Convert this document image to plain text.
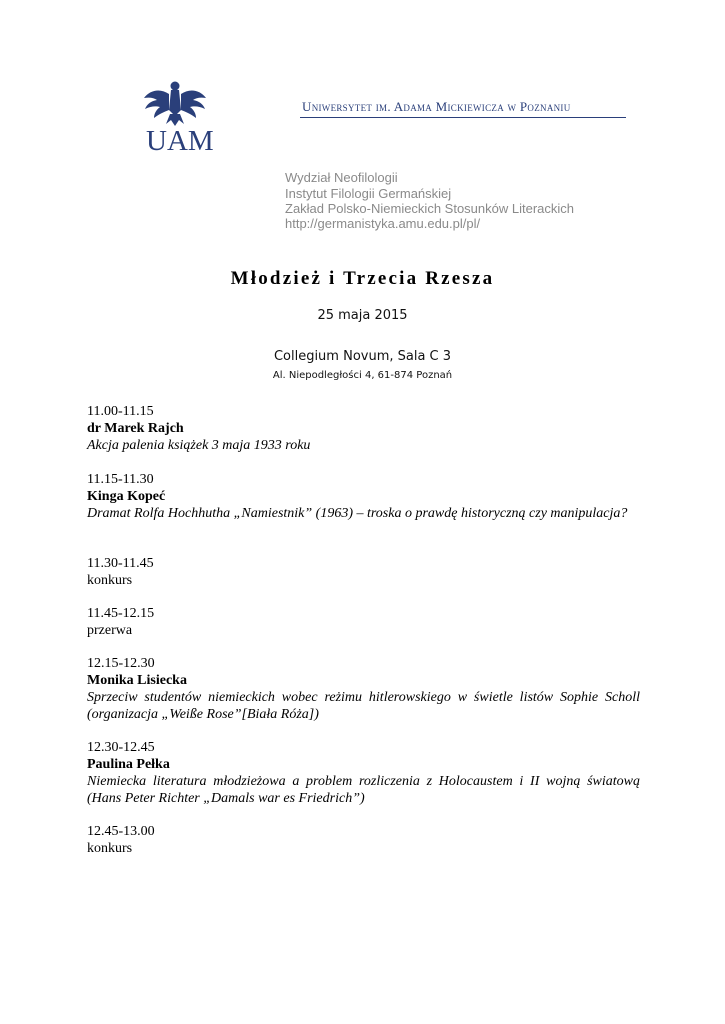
UAM
Uniwersytet im. Adama Mickiewicza w Poznaniu
Wydział Neofilologii
Instytut Filologii Germańskiej
Zakład Polsko-Niemieckich Stosunków Literackich
http://germanistyka.amu.edu.pl/pl/
Młodzież i Trzecia Rzesza
25 maja 2015
Collegium Novum, Sala C 3
Al. Niepodległości 4, 61-874 Poznań
11.00-11.15
dr Marek Rajch
Akcja palenia książek 3 maja 1933 roku
11.15-11.30
Kinga Kopeć
Dramat Rolfa Hochhutha „Namiestnik” (1963) – troska o prawdę historyczną czy manipulacja?
11.30-11.45
konkurs
11.45-12.15
przerwa
12.15-12.30
Monika Lisiecka
Sprzeciw studentów niemieckich wobec reżimu hitlerowskiego w świetle listów Sophie Scholl (organizacja „Weiße Rose”[Biała Róża])
12.30-12.45
Paulina Pełka
Niemiecka literatura młodzieżowa a problem rozliczenia z Holocaustem i II wojną światową (Hans Peter Richter „Damals war es Friedrich”)
12.45-13.00
konkurs
